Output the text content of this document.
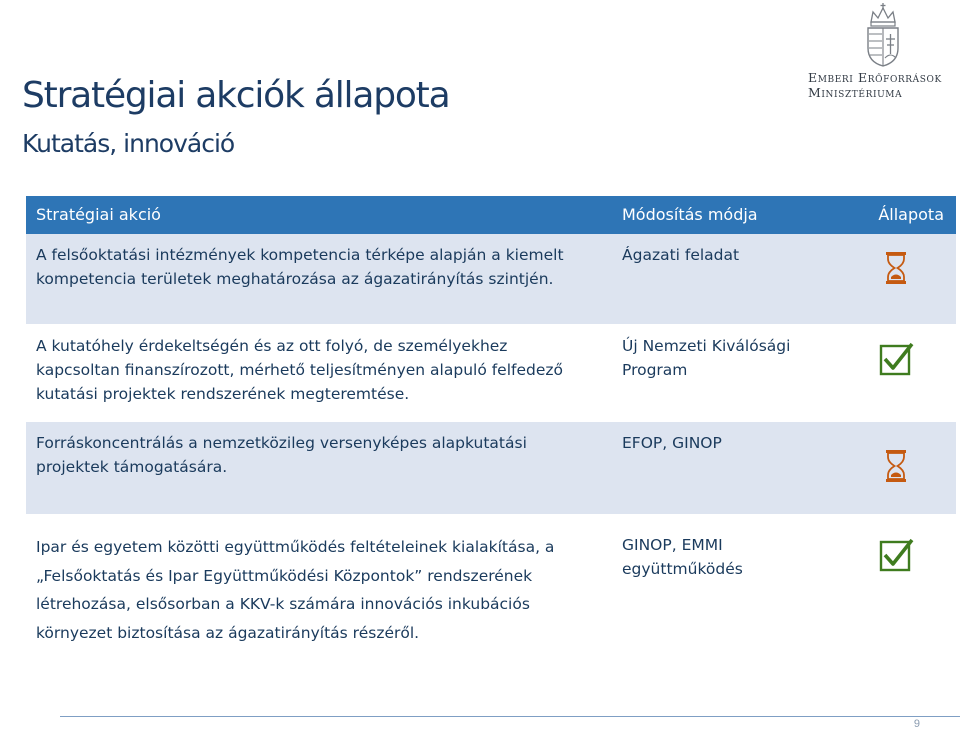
Stratégiai akciók állapota
Kutatás, innováció
Emberi Erőforrások
Minisztériuma
Stratégiai akció	Módosítás módja	Állapota
A felsőoktatási intézmények kompetencia térképe alapján a kiemelt kompetencia területek meghatározása az ágazatirányítás szintjén.
Ágazati feladat
A kutatóhely érdekeltségén és az ott folyó, de személyekhez kapcsoltan finanszírozott, mérhető teljesítményen alapuló felfedező kutatási projektek rendszerének megteremtése.
Új Nemzeti Kiválósági Program
Forráskoncentrálás a nemzetközileg versenyképes alapkutatási projektek támogatására.
EFOP, GINOP
Ipar és egyetem közötti együttműködés feltételeinek kialakítása, a „Felsőoktatás és Ipar Együttműködési Központok” rendszerének létrehozása, elsősorban a KKV-k számára innovációs inkubációs környezet biztosítása az ágazatirányítás részéről.
GINOP, EMMI együttműködés
9
